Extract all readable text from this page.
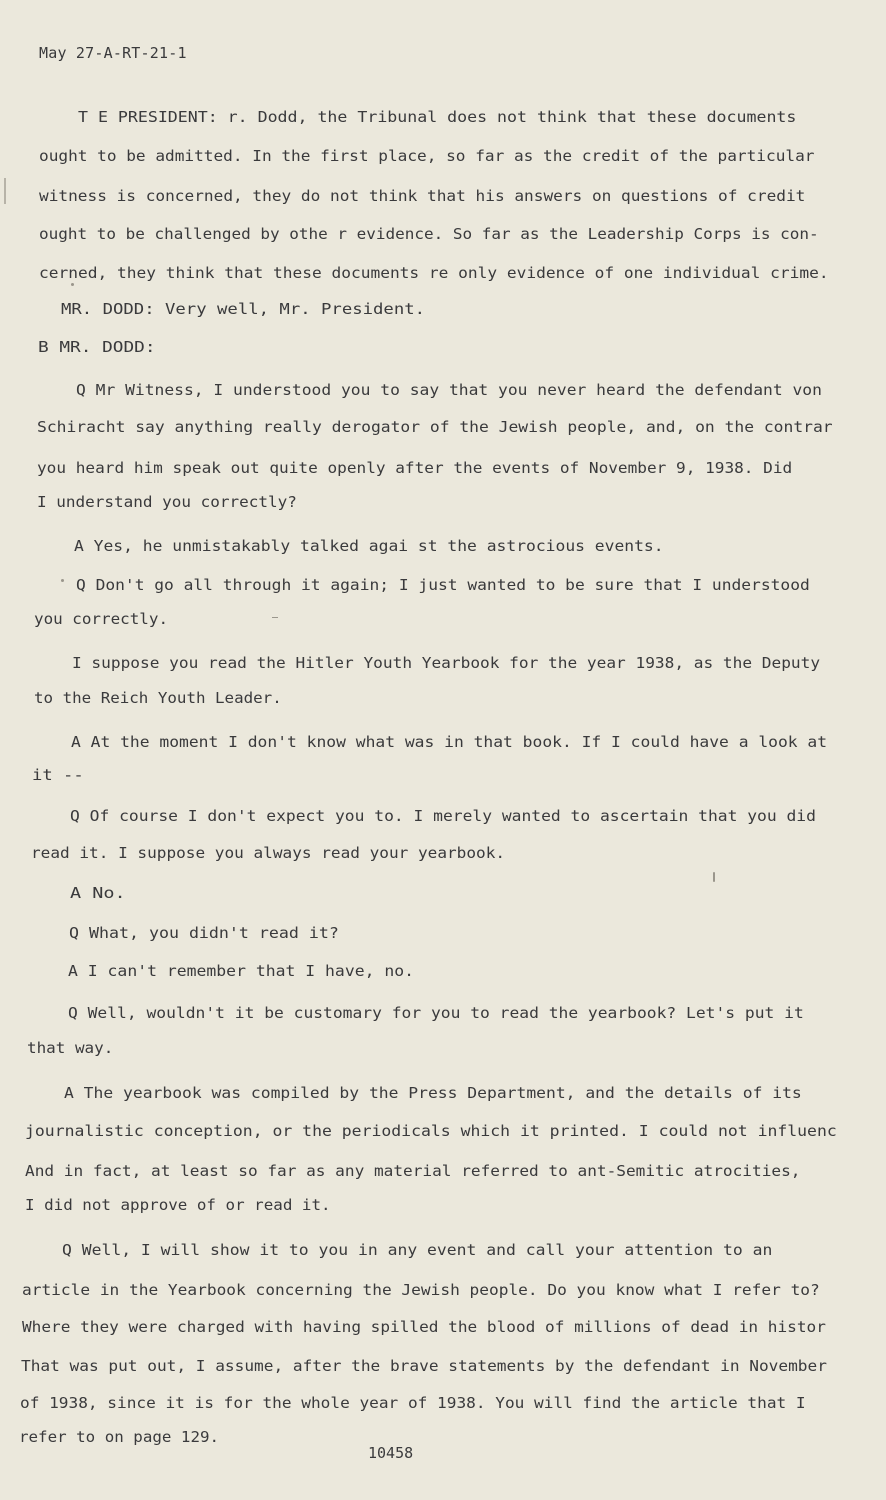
May 27-A-RT-21-1
T E PRESIDENT: r. Dodd, the Tribunal does not think that these documents
ought to be admitted. In the first place, so far as the credit of the particular
witness is concerned, they do not think that his answers on questions of credit
ought to be challenged by othe r evidence. So far as the Leadership Corps is con-
cerned, they think that these documents re only evidence of one individual crime.
MR. DODD: Very well, Mr. President.
B MR. DODD:
Q Mr Witness, I understood you to say that you never heard the defendant von
Schiracht say anything really derogator of the Jewish people, and, on the contrar
you heard him speak out quite openly after the events of November 9, 1938. Did
I understand you correctly?
A Yes, he unmistakably talked agai st the astrocious events.
Q Don't go all through it again; I just wanted to be sure that I understood
you correctly.
I suppose you read the Hitler Youth Yearbook for the year 1938, as the Deputy
to the Reich Youth Leader.
A At the moment I don't know what was in that book. If I could have a look at
it --
Q Of course I don't expect you to. I merely wanted to ascertain that you did
read it. I suppose you always read your yearbook.
A No.
Q What, you didn't read it?
A I can't remember that I have, no.
Q Well, wouldn't it be customary for you to read the yearbook? Let's put it
that way.
A The yearbook was compiled by the Press Department, and the details of its
journalistic conception, or the periodicals which it printed. I could not influenc
And in fact, at least so far as any material referred to ant-Semitic atrocities,
I did not approve of or read it.
Q Well, I will show it to you in any event and call your attention to an
article in the Yearbook concerning the Jewish people. Do you know what I refer to?
Where they were charged with having spilled the blood of millions of dead in histor
That was put out, I assume, after the brave statements by the defendant in November
of 1938, since it is for the whole year of 1938. You will find the article that I
refer to on page 129.
10458
